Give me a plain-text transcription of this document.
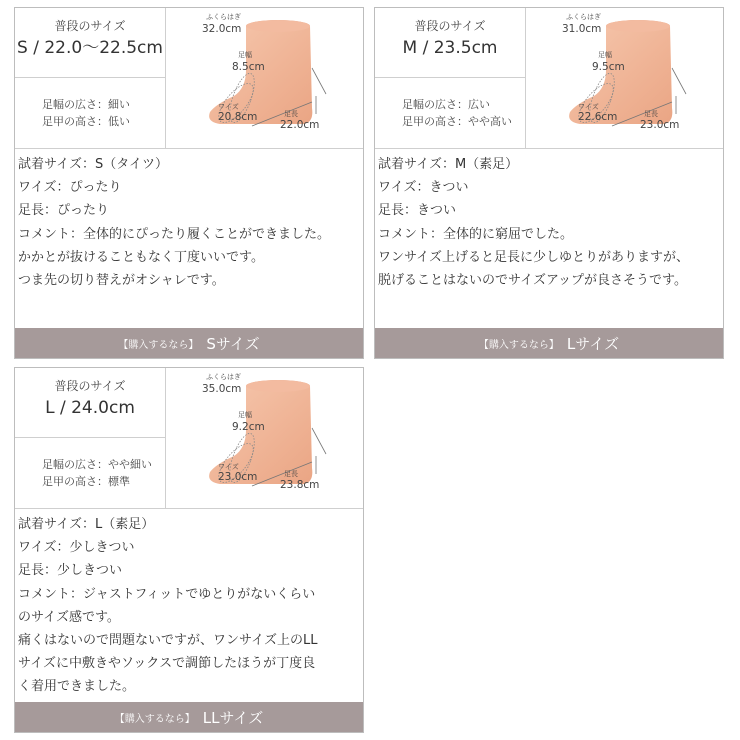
普段のサイズ
S / 22.0〜22.5cm
足幅の広さ：細い
足甲の高さ：低い
ふくらはぎ
32.0cm
足幅
8.5cm
ワイズ
20.8cm	足長
22.0cm
試着サイズ：S（タイツ）
ワイズ：ぴったり
足長：ぴったり
コメント：全体的にぴったり履くことができました。
かかとが抜けることもなく丁度いいです。
つま先の切り替えがオシャレです。
【購入するなら】 Sサイズ
普段のサイズ
M / 23.5cm
足幅の広さ：広い
足甲の高さ：やや高い
ふくらはぎ
31.0cm
足幅
9.5cm
ワイズ
22.6cm	足長
23.0cm
試着サイズ：M（素足）
ワイズ：きつい
足長：きつい
コメント：全体的に窮屈でした。
ワンサイズ上げると足長に少しゆとりがありますが、
脱げることはないのでサイズアップが良さそうです。
【購入するなら】 Lサイズ
普段のサイズ
L / 24.0cm
足幅の広さ：やや細い
足甲の高さ：標準
ふくらはぎ
35.0cm
足幅
9.2cm
ワイズ
23.0cm	足長
23.8cm
試着サイズ：L（素足）
ワイズ：少しきつい
足長：少しきつい
コメント：ジャストフィットでゆとりがないくらい
のサイズ感です。
痛くはないので問題ないですが、ワンサイズ上のLL
サイズに中敷きやソックスで調節したほうが丁度良
く着用できました。
【購入するなら】 LLサイズ
